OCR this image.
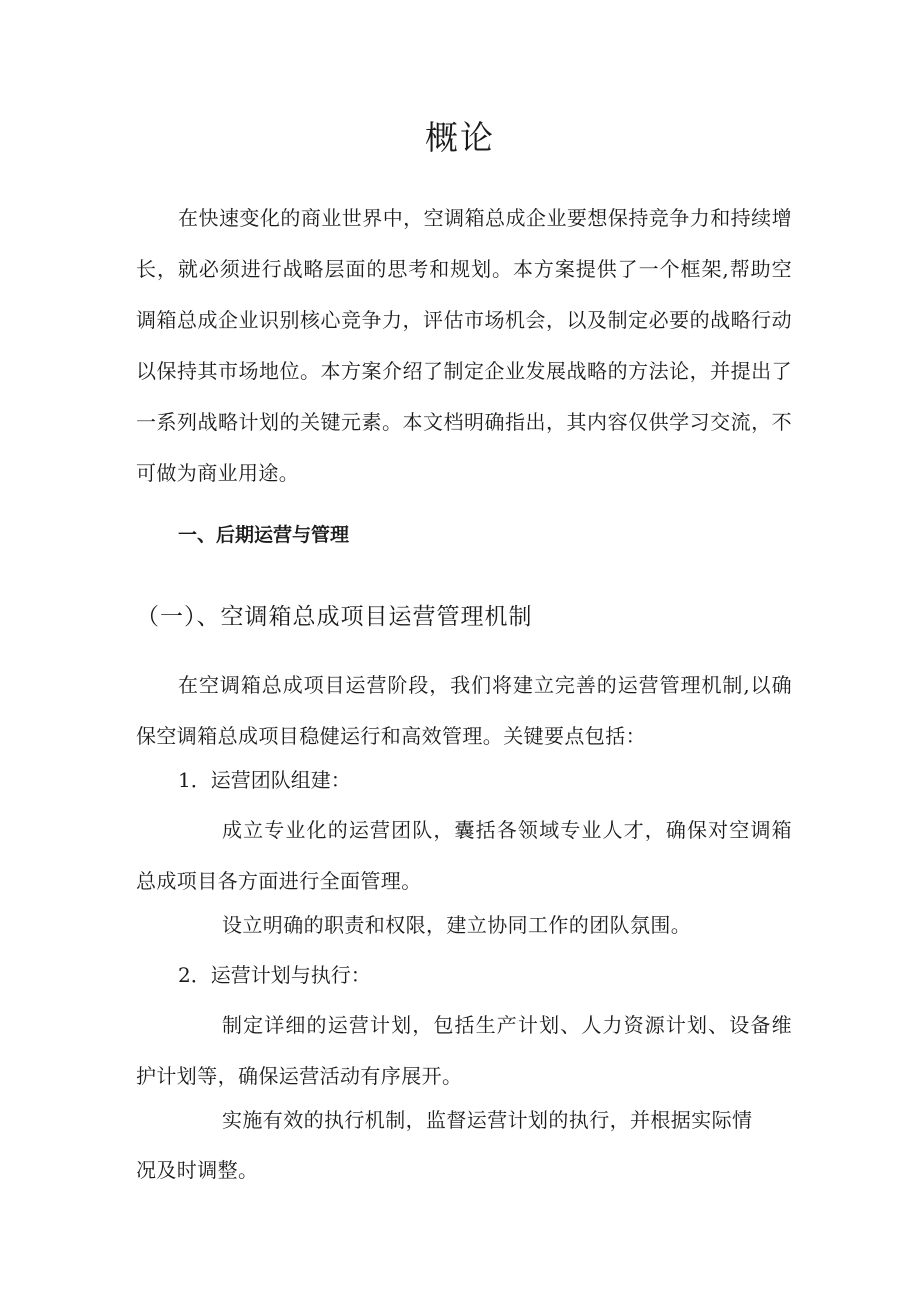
概论

在快速变化的商业世界中，空调箱总成企业要想保持竞争力和持续增长，就必须进行战略层面的思考和规划。本方案提供了一个框架,帮助空调箱总成企业识别核心竞争力，评估市场机会，以及制定必要的战略行动以保持其市场地位。本方案介绍了制定企业发展战略的方法论，并提出了一系列战略计划的关键元素。本文档明确指出，其内容仅供学习交流，不可做为商业用途。

一、后期运营与管理
（一）、空调箱总成项目运营管理机制

在空调箱总成项目运营阶段，我们将建立完善的运营管理机制,以确保空调箱总成项目稳健运行和高效管理。关键要点包括：

1．运营团队组建：

成立专业化的运营团队，囊括各领域专业人才，确保对空调箱总成项目各方面进行全面管理。

设立明确的职责和权限，建立协同工作的团队氛围。

2．运营计划与执行：

制定详细的运营计划，包括生产计划、人力资源计划、设备维护计划等，确保运营活动有序展开。

实施有效的执行机制，监督运营计划的执行，并根据实际情

况及时调整。
